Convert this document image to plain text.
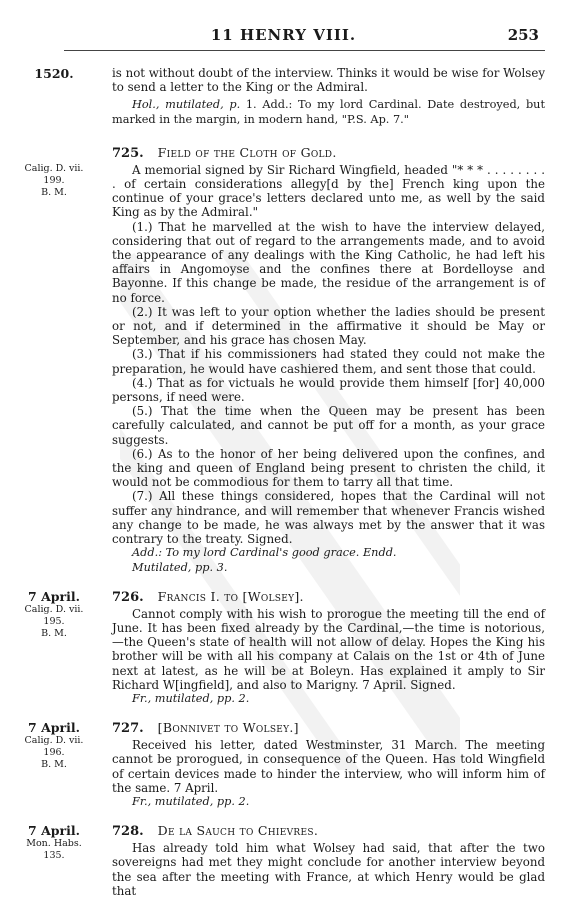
11 HENRY VIII.	253
1520.	is not without doubt of the interview. Thinks it would be wise for Wolsey to send a letter to the King or the Admiral.

Hol., mutilated, p. 1. Add.: To my lord Cardinal. Date destroyed, but marked in the margin, in modern hand, "P.S. Ap. 7."

Calig. D. vii.
199.
B. M.
725. Field of the Cloth of Gold.

A memorial signed by Sir Richard Wingfield, headed "* * * . . . . . . . . . of certain considerations allegy[d by the] French king upon the continue of your grace's letters declared unto me, as well by the said King as by the Admiral."

(1.) That he marvelled at the wish to have the interview delayed, considering that out of regard to the arrangements made, and to avoid the appearance of any dealings with the King Catholic, he had left his affairs in Angomoyse and the confines there at Bordelloyse and Bayonne. If this change be made, the residue of the arrangement is of no force.

(2.) It was left to your option whether the ladies should be present or not, and if determined in the affirmative it should be May or September, and his grace has chosen May.

(3.) That if his commissioners had stated they could not make the preparation, he would have cashiered them, and sent those that could.

(4.) That as for victuals he would provide them himself [for] 40,000 persons, if need were.

(5.) That the time when the Queen may be present has been carefully calculated, and cannot be put off for a month, as your grace suggests.

(6.) As to the honor of her being delivered upon the confines, and the king and queen of England being present to christen the child, it would not be commodious for them to tarry all that time.

(7.) All these things considered, hopes that the Cardinal will not suffer any hindrance, and will remember that whenever Francis wished any change to be made, he was always met by the answer that it was contrary to the treaty. Signed.

Add.: To my lord Cardinal's good grace. Endd.

Mutilated, pp. 3.

7 April.
Calig. D. vii.
195.
B. M.
726. Francis I. to [Wolsey].

Cannot comply with his wish to prorogue the meeting till the end of June. It has been fixed already by the Cardinal,—the time is notorious,—the Queen's state of health will not allow of delay. Hopes the King his brother will be with all his company at Calais on the 1st or 4th of June next at latest, as he will be at Boleyn. Has explained it amply to Sir Richard W[ingfield], and also to Marigny. 7 April. Signed.

Fr., mutilated, pp. 2.

7 April.
Calig. D. vii.
196.
B. M.
727. [Bonnivet to Wolsey.]

Received his letter, dated Westminster, 31 March. The meeting cannot be prorogued, in consequence of the Queen. Has told Wingfield of certain devices made to hinder the interview, who will inform him of the same. 7 April.

Fr., mutilated, pp. 2.

7 April.
Mon. Habs.
135.
728. De la Sauch to Chievres.

Has already told him what Wolsey had said, that after the two sovereigns had met they might conclude for another interview beyond the sea after the meeting with France, at which Henry would be glad that
